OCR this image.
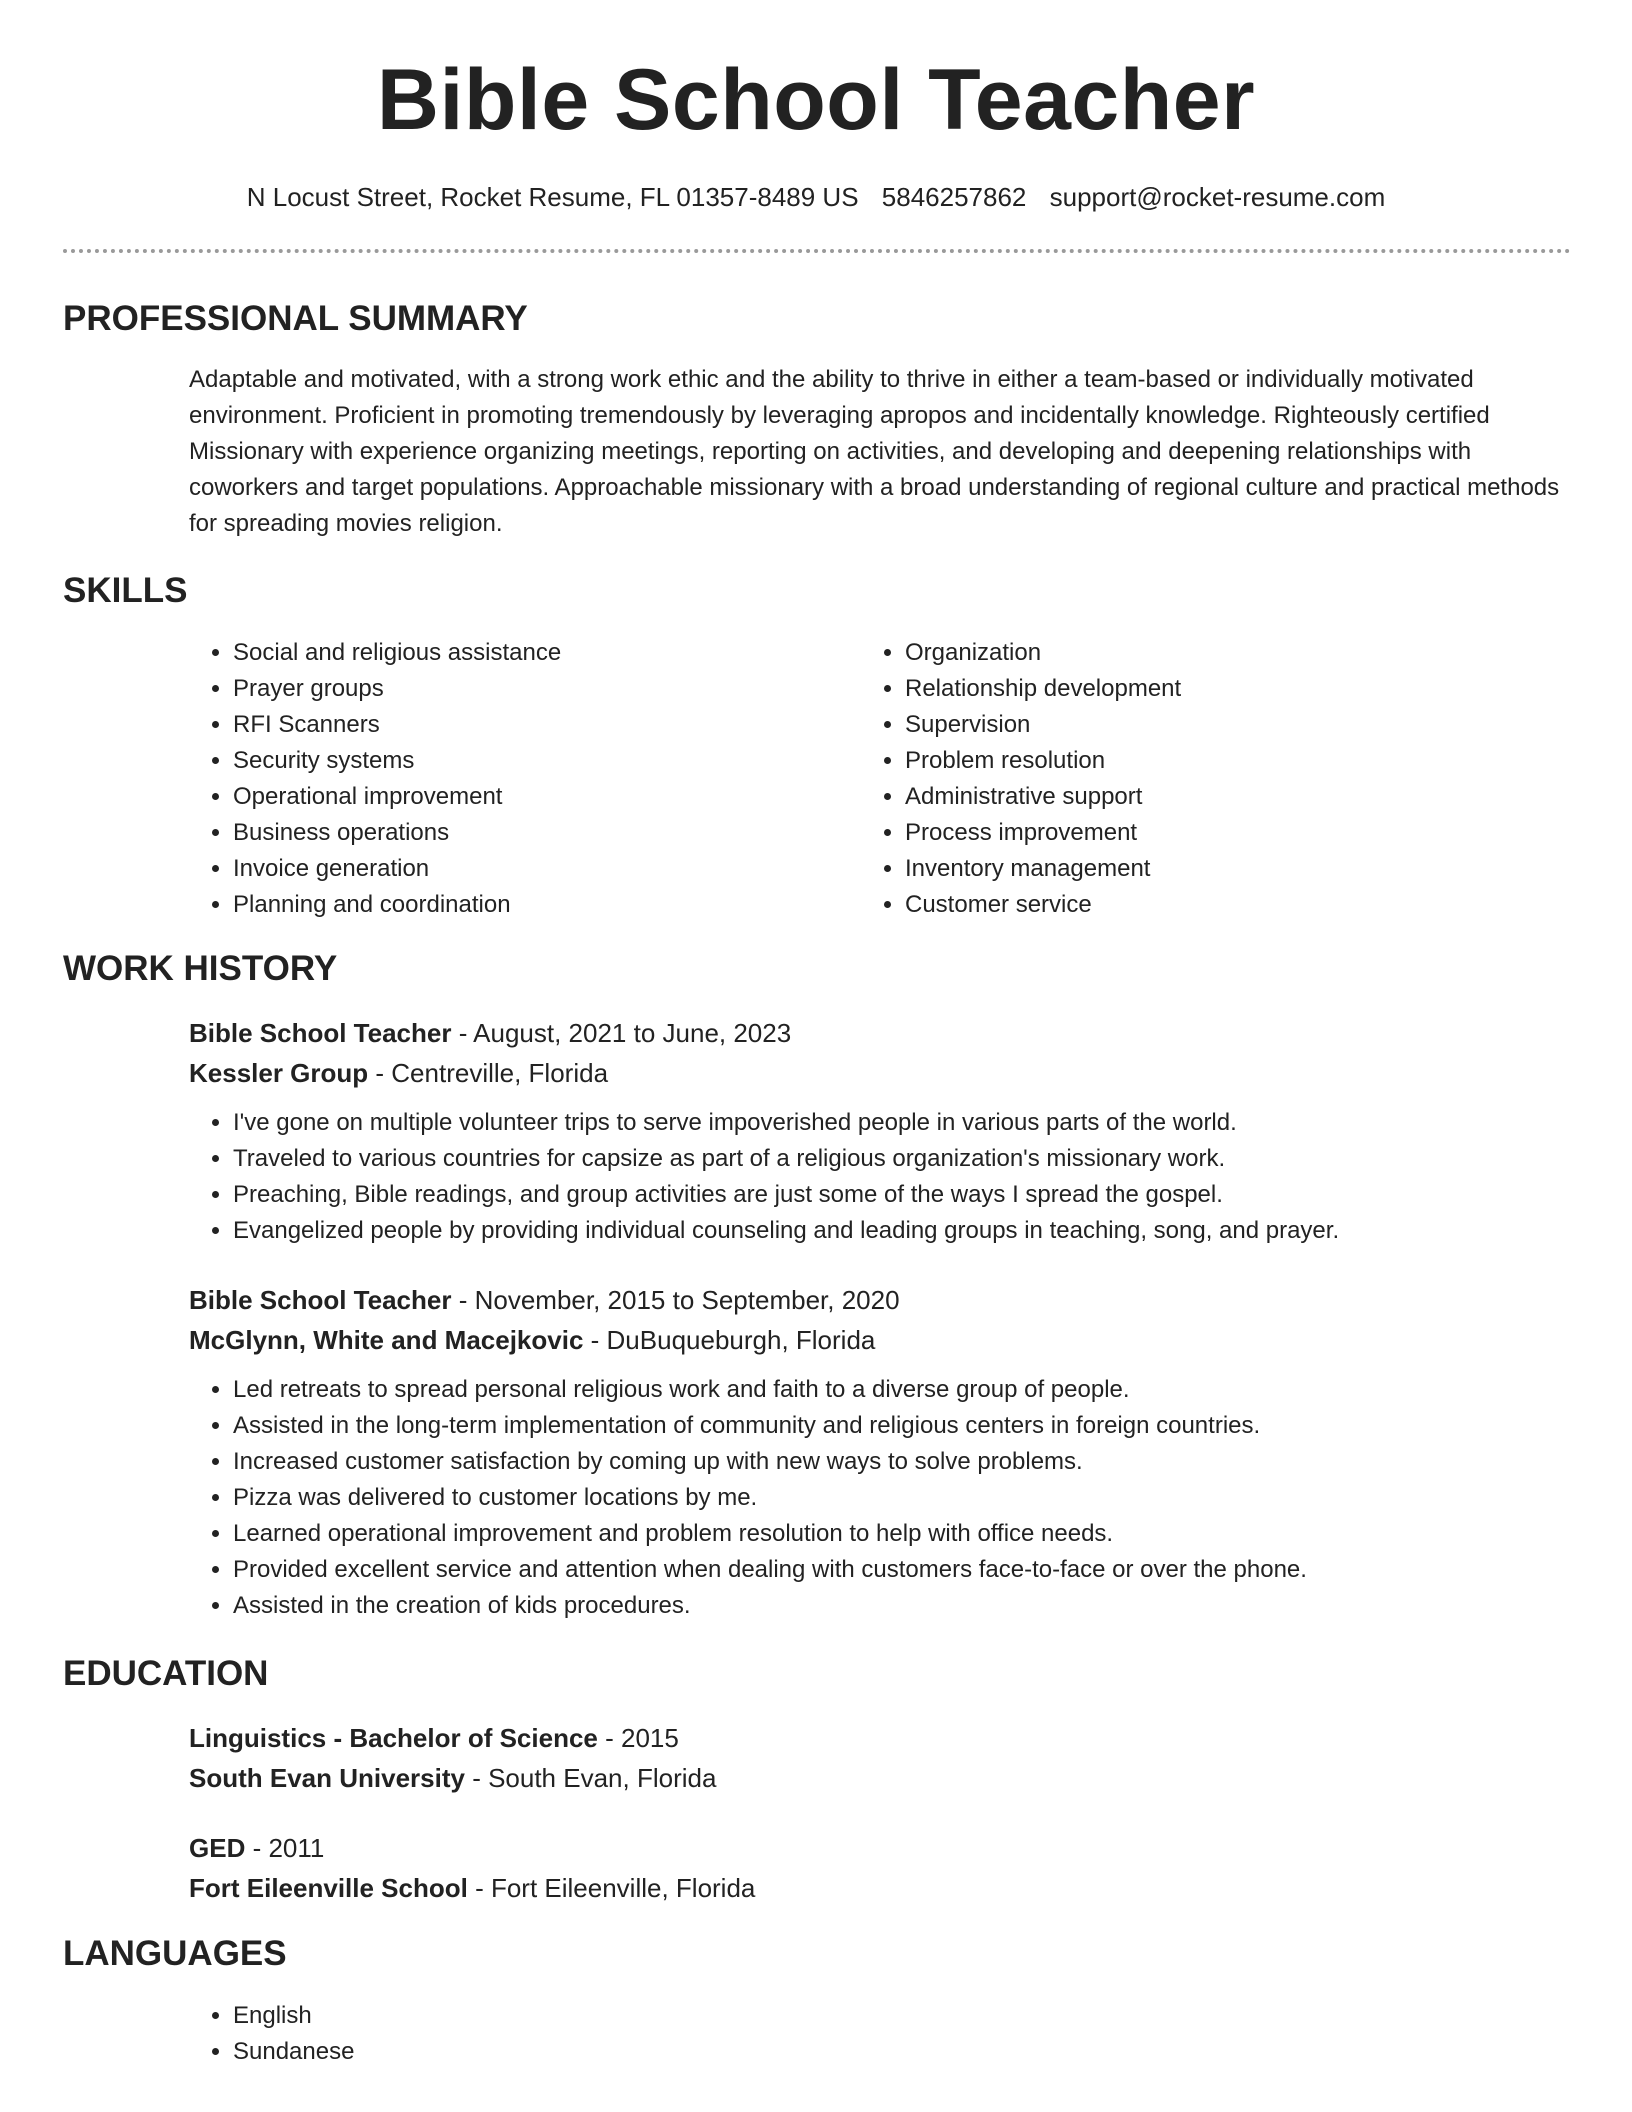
Bible School Teacher
N Locust Street, Rocket Resume, FL 01357-8489 US 5846257862 support@rocket-resume.com
PROFESSIONAL SUMMARY

Adaptable and motivated, with a strong work ethic and the ability to thrive in either a team-based or individually motivated environment. Proficient in promoting tremendously by leveraging apropos and incidentally knowledge. Righteously certified Missionary with experience organizing meetings, reporting on activities, and developing and deepening relationships with coworkers and target populations. Approachable missionary with a broad understanding of regional culture and practical methods for spreading movies religion.

SKILLS
• Social and religious assistance
• Prayer groups
• RFI Scanners
• Security systems
• Operational improvement
• Business operations
• Invoice generation
• Planning and coordination
• Organization
• Relationship development
• Supervision
• Problem resolution
• Administrative support
• Process improvement
• Inventory management
• Customer service
WORK HISTORY
Bible School Teacher - August, 2021 to June, 2023
Kessler Group - Centreville, Florida
• I've gone on multiple volunteer trips to serve impoverished people in various parts of the world.
• Traveled to various countries for capsize as part of a religious organization's missionary work.
• Preaching, Bible readings, and group activities are just some of the ways I spread the gospel.
• Evangelized people by providing individual counseling and leading groups in teaching, song, and prayer.
Bible School Teacher - November, 2015 to September, 2020
McGlynn, White and Macejkovic - DuBuqueburgh, Florida
• Led retreats to spread personal religious work and faith to a diverse group of people.
• Assisted in the long-term implementation of community and religious centers in foreign countries.
• Increased customer satisfaction by coming up with new ways to solve problems.
• Pizza was delivered to customer locations by me.
• Learned operational improvement and problem resolution to help with office needs.
• Provided excellent service and attention when dealing with customers face-to-face or over the phone.
• Assisted in the creation of kids procedures.
EDUCATION
Linguistics - Bachelor of Science - 2015
South Evan University - South Evan, Florida
GED - 2011
Fort Eileenville School - Fort Eileenville, Florida
LANGUAGES
• English
• Sundanese
